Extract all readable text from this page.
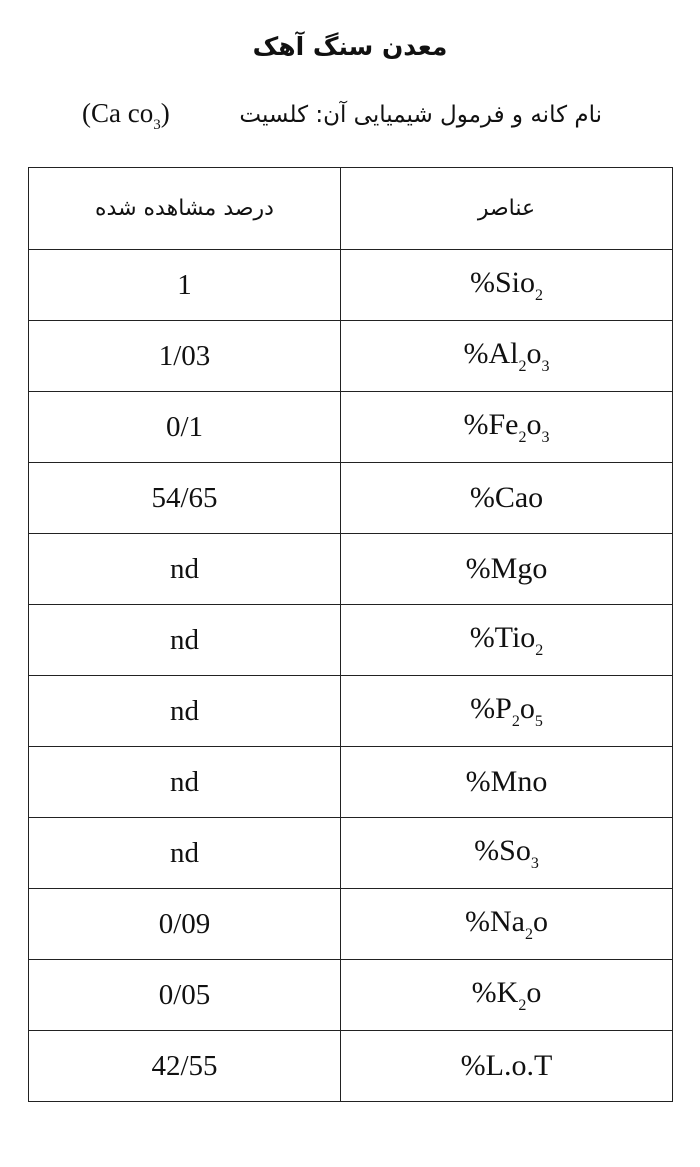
معدن سنگ آهک
نام کانه و فرمول شیمیایی آن: کلسیت
(Ca $co_3$)
درصد مشاهده شده	عناصر
1	%Sio$_2$
1/03	$\%Al_2o_3$
0/1	$\%Fe_2o_3$
54/65	%Cao
nd	%Mgo
nd	%Tio$_2$
nd	$\%P_2o_5$
nd	%Mno
nd	$\%So_3$
0/09	$\%Na_2o$
0/05	$\%K_2o$
42/55	%L.o.T
